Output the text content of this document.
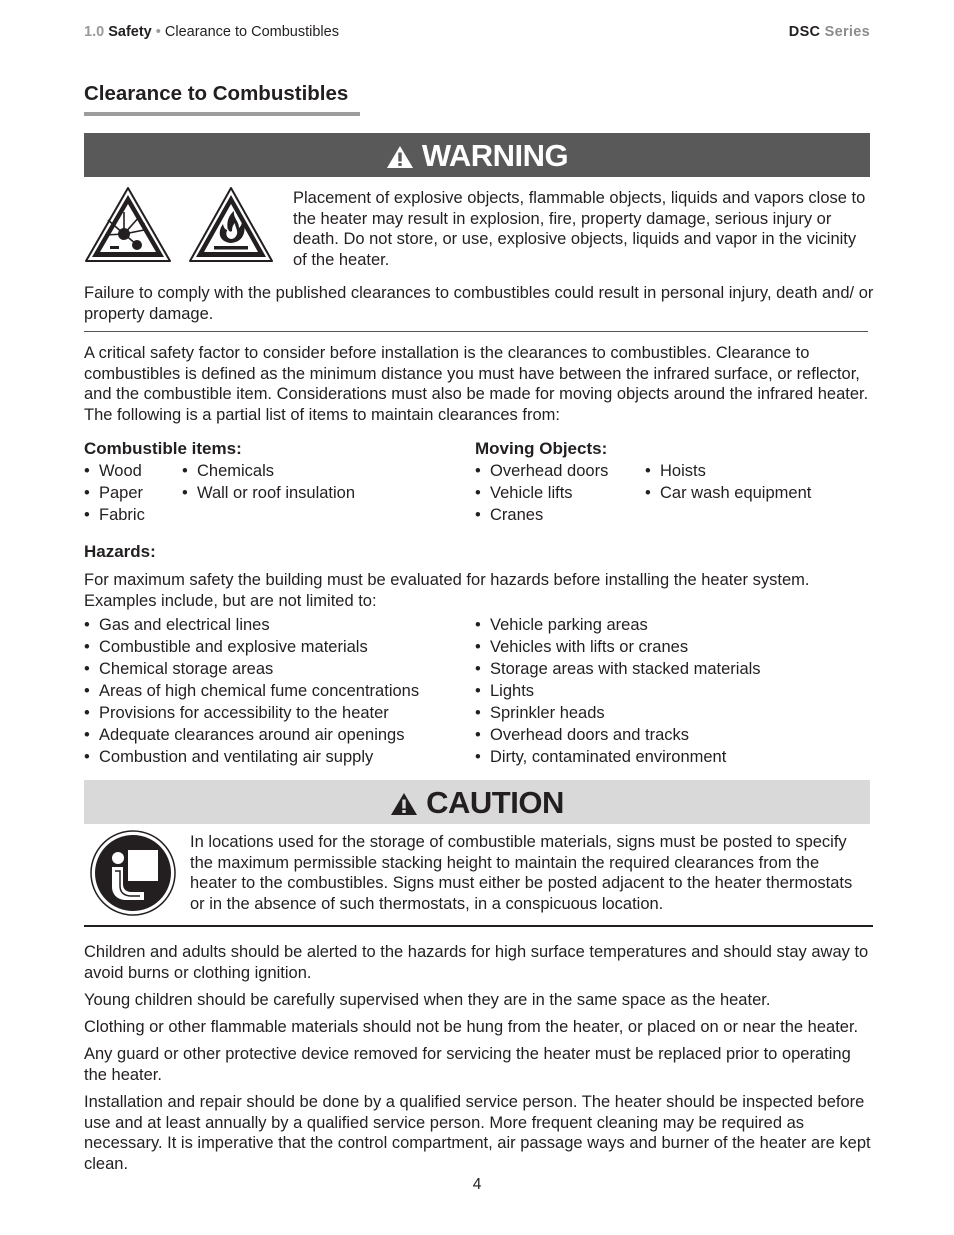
1.0 Safety • Clearance to Combustibles	DSC Series
Clearance to Combustibles
WARNING

Placement of explosive objects, flammable objects, liquids and vapors close to the heater may result in explosion, fire, property damage, serious injury or death. Do not store, or use, explosive objects, liquids and vapor in the vicinity of the heater.

Failure to comply with the published clearances to combustibles could result in personal injury, death and/ or property damage.

A critical safety factor to consider before installation is the clearances to combustibles. Clearance to combustibles is defined as the minimum distance you must have between the infrared surface, or reflector, and the combustible item. Considerations must also be made for moving objects around the infrared heater. The following is a partial list of items to maintain clearances from:

Combustible items:
• Wood
• Paper
• Fabric
• Chemicals
• Wall or roof insulation
Moving Objects:
• Overhead doors
• Vehicle lifts
• Cranes
• Hoists
• Car wash equipment
Hazards:

For maximum safety the building must be evaluated for hazards before installing the heater system. Examples include, but are not limited to:

• Gas and electrical lines
• Combustible and explosive materials
• Chemical storage areas
• Areas of high chemical fume concentrations
• Provisions for accessibility to the heater
• Adequate clearances around air openings
• Combustion and ventilating air supply
• Vehicle parking areas
• Vehicles with lifts or cranes
• Storage areas with stacked materials
• Lights
• Sprinkler heads
• Overhead doors and tracks
• Dirty, contaminated environment
CAUTION

In locations used for the storage of combustible materials, signs must be posted to specify the maximum permissible stacking height to maintain the required clearances from the heater to the combustibles. Signs must either be posted adjacent to the heater thermostats or in the absence of such thermostats, in a conspicuous location.

Children and adults should be alerted to the hazards for high surface temperatures and should stay away to avoid burns or clothing ignition.

Young children should be carefully supervised when they are in the same space as the heater.

Clothing or other flammable materials should not be hung from the heater, or placed on or near the heater.

Any guard or other protective device removed for servicing the heater must be replaced prior to operating the heater.

Installation and repair should be done by a qualified service person. The heater should be inspected before use and at least annually by a qualified service person. More frequent cleaning may be required as necessary. It is imperative that the control compartment, air passage ways and burner of the heater are kept clean.

4
